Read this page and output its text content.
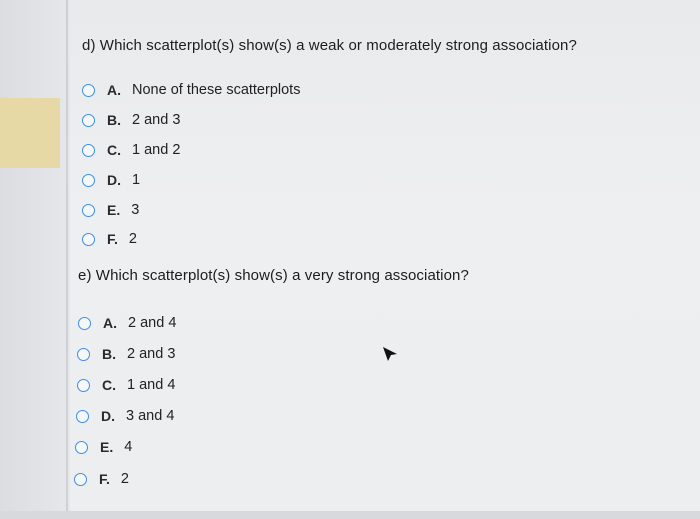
d) Which scatterplot(s) show(s) a weak or moderately strong association?
A. None of these scatterplots
B. 2 and 3
C. 1 and 2
D. 1
E. 3
F. 2
e) Which scatterplot(s) show(s) a very strong association?
A. 2 and 4
B. 2 and 3
C. 1 and 4
D. 3 and 4
E. 4
F. 2
